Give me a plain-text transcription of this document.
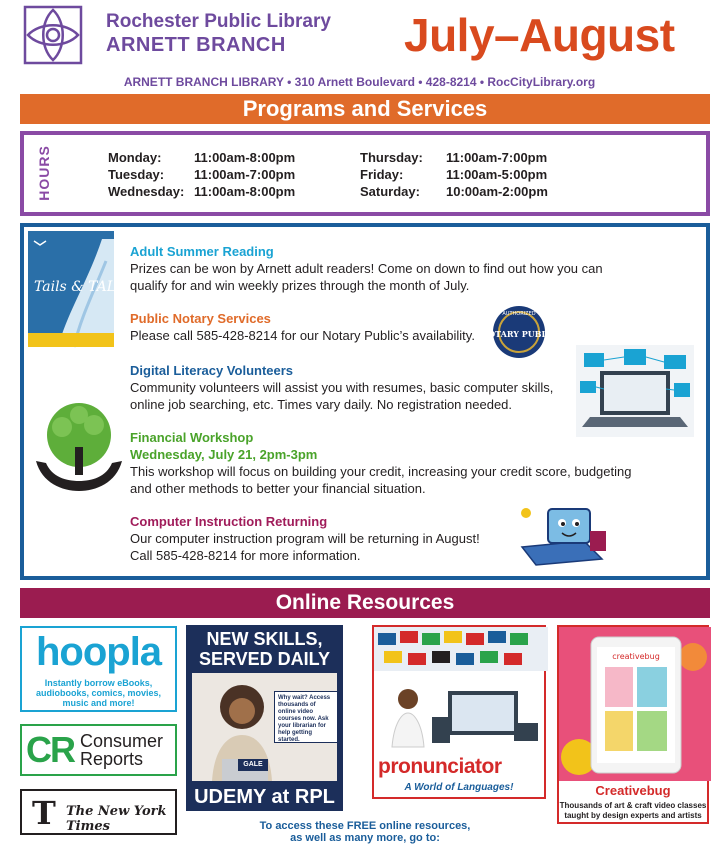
Rochester Public Library
ARNETT BRANCH	July–August
ARNETT BRANCH LIBRARY • 310 Arnett Boulevard • 428-8214 • RocCityLibrary.org
Programs and Services
HOURS	Monday:	11:00am-8:00pm
Tuesday:	11:00am-7:00pm
Wednesday: 11:00am-8:00pm
Thursday:	11:00am-7:00pm
Friday:	11:00am-5:00pm
Saturday:	10:00am-2:00pm
Tails & TALES
Adult Summer Reading
Prizes can be won by Arnett adult readers! Come on down to find out how you can
qualify for and win weekly prizes through the month of July.
Public Notary Services
Please call 585-428-8214 for our Notary Public’s availability.
AUTHORIZED
NOTARY PUBLIC
Digital Literacy Volunteers
Community volunteers will assist you with resumes, basic computer skills,
online job searching, etc. Times vary daily. No registration needed.
Financial Workshop
Wednesday, July 21, 2pm-3pm
This workshop will focus on building your credit, increasing your credit score, budgeting
and other methods to better your financial situation.
Computer Instruction Returning
Our computer instruction program will be returning in August!
Call 585-428-8214 for more information.
Online Resources
hoopla
Instantly borrow eBooks,
audiobooks, comics, movies,
music and more!
CR Consumer
Reports
T The New York Times
NEW SKILLS,
SERVED DAILY
Why wait? Access thousands of online video courses now. Ask your librarian for help getting started.
GALE
UDEMY at RPL
pronunciator
A World of Languages!
creativebug
Creativebug
Thousands of art & craft video classes
taught by design experts and artists
To access these FREE online resources,
as well as many more, go to:
